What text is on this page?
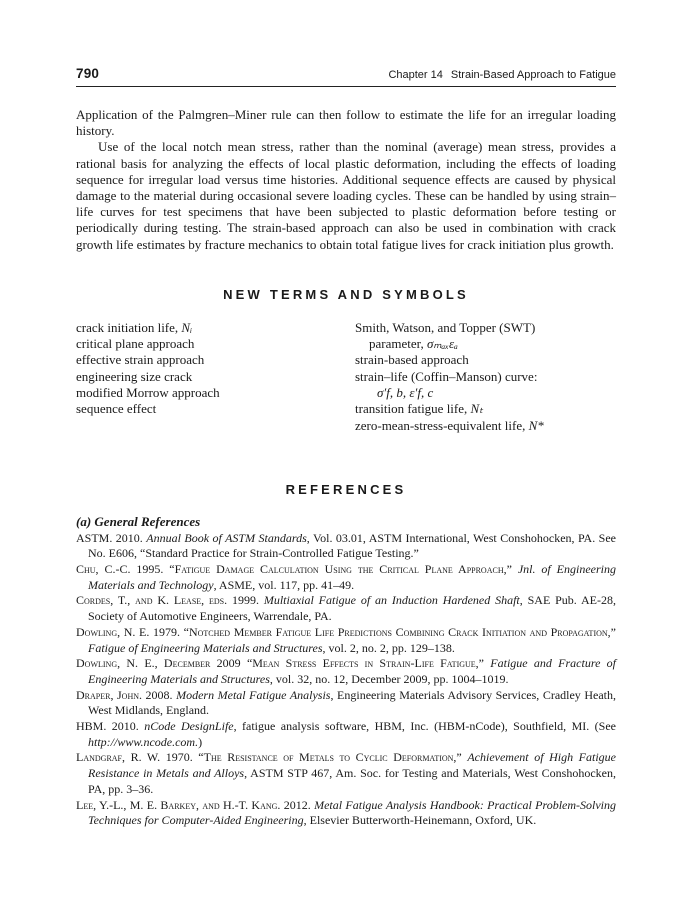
790	Chapter 14 Strain-Based Approach to Fatigue

Application of the Palmgren–Miner rule can then follow to estimate the life for an irregular loading history.

Use of the local notch mean stress, rather than the nominal (average) mean stress, provides a rational basis for analyzing the effects of local plastic deformation, including the effects of loading sequence for irregular load versus time histories. Additional sequence effects are caused by physical damage to the material during occasional severe loading cycles. These can be handled by using strain–life curves for test specimens that have been subjected to plastic deformation before testing or periodically during testing. The strain-based approach can also be used in combination with crack growth life estimates by fracture mechanics to obtain total fatigue lives for crack initiation plus growth.

NEW TERMS AND SYMBOLS
crack initiation life, Nᵢ
critical plane approach
effective strain approach
engineering size crack
modified Morrow approach
sequence effect
Smith, Watson, and Topper (SWT)
parameter, σₘₐₓεₐ
strain-based approach
strain–life (Coffin–Manson) curve:
σ′f, b, ε′f, c
transition fatigue life, Nₜ
zero-mean-stress-equivalent life, N*
REFERENCES
(a) General References

ASTM. 2010. Annual Book of ASTM Standards, Vol. 03.01, ASTM International, West Conshohocken, PA. See No. E606, “Standard Practice for Strain-Controlled Fatigue Testing.”

Chu, C.-C. 1995. “Fatigue Damage Calculation Using the Critical Plane Approach,” Jnl. of Engineering Materials and Technology, ASME, vol. 117, pp. 41–49.

Cordes, T., and K. Lease, eds. 1999. Multiaxial Fatigue of an Induction Hardened Shaft, SAE Pub. AE-28, Society of Automotive Engineers, Warrendale, PA.

Dowling, N. E. 1979. “Notched Member Fatigue Life Predictions Combining Crack Initiation and Propagation,” Fatigue of Engineering Materials and Structures, vol. 2, no. 2, pp. 129–138.

Dowling, N. E., December 2009 “Mean Stress Effects in Strain-Life Fatigue,” Fatigue and Fracture of Engineering Materials and Structures, vol. 32, no. 12, December 2009, pp. 1004–1019.

Draper, John. 2008. Modern Metal Fatigue Analysis, Engineering Materials Advisory Services, Cradley Heath, West Midlands, England.

HBM. 2010. nCode DesignLife, fatigue analysis software, HBM, Inc. (HBM-nCode), Southfield, MI. (See http://www.ncode.com.)

Landgraf, R. W. 1970. “The Resistance of Metals to Cyclic Deformation,” Achievement of High Fatigue Resistance in Metals and Alloys, ASTM STP 467, Am. Soc. for Testing and Materials, West Conshohocken, PA, pp. 3–36.

Lee, Y.-L., M. E. Barkey, and H.-T. Kang. 2012. Metal Fatigue Analysis Handbook: Practical Problem-Solving Techniques for Computer-Aided Engineering, Elsevier Butterworth-Heinemann, Oxford, UK.
